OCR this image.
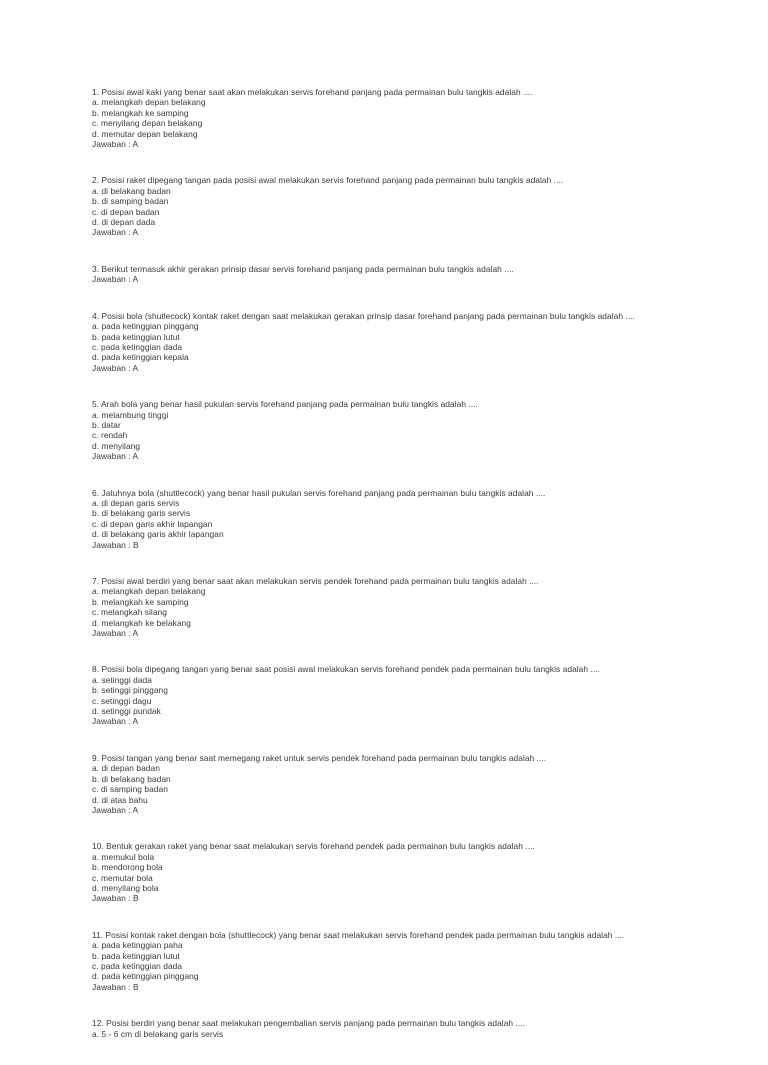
1. Posisi awal kaki yang benar saat akan melakukan servis forehand panjang pada permainan bulu tangkis adalah ....
a. melangkah depan belakang
b. melangkah ke samping
c. menyilang depan belakang
d. memutar depan belakang
Jawaban : A
2. Posisi raket dipegang tangan pada posisi awal melakukan servis forehand panjang pada permainan bulu tangkis adalah ....
a. di belakang badan
b. di samping badan
c. di depan badan
d. di depan dada
Jawaban : A
3. Berikut termasuk akhir gerakan prinsip dasar servis forehand panjang pada permainan bulu tangkis adalah ....
Jawaban : A
4. Posisi bola (shutlecock) kontak raket dengan saat melakukan gerakan prinsip dasar forehand panjang pada permainan bulu tangkis adalah ....
a. pada ketinggian pinggang
b. pada ketinggian lutut
c. pada ketinggian dada
d. pada ketinggian kepala
Jawaban : A
5. Arah bola yang benar hasil pukulan servis forehand panjang pada permainan bulu tangkis adalah ....
a. melambung tinggi
b. datar
c. rendah
d. menyilang
Jawaban : A
6. Jatuhnya bola (shuttlecock) yang benar hasil pukulan servis forehand panjang pada permainan bulu tangkis adalah ....
a. di depan garis servis
b. di belakang garis servis
c. di depan garis akhir lapangan
d. di belakang garis akhir lapangan
Jawaban : B
7. Posisi awal berdiri yang benar saat akan melakukan servis pendek forehand pada permainan bulu tangkis adalah ....
a. melangkah depan belakang
b. melangkah ke samping
c. melangkah silang
d. melangkah ke belakang
Jawaban : A
8. Posisi bola dipegang tangan yang benar saat posisi awal melakukan servis forehand pendek pada permainan bulu tangkis adalah ....
a. setinggi dada
b. setinggi pinggang
c. setinggi dagu
d. setinggi pundak
Jawaban : A
9. Posisi tangan yang benar saat memegang raket untuk servis pendek forehand pada permainan bulu tangkis adalah ....
a. di depan badan
b. di belakang badan
c. di samping badan
d. di atas bahu
Jawaban : A
10. Bentuk gerakan raket yang benar saat melakukan servis forehand pendek pada permainan bulu tangkis adalah ....
a. memukul bola
b. mendorong bola
c. memutar bola
d. menyilang bola
Jawaban : B
11. Posisi kontak raket dengan bola (shuttlecock) yang benar saat melakukan servis forehand pendek pada permainan bulu tangkis adalah ....
a. pada ketinggian paha
b. pada ketinggian lutut
c. pada ketinggian dada
d. pada ketinggian pinggang
Jawaban : B
12. Posisi berdiri yang benar saat melakukan pengembalian servis panjang pada permainan bulu tangkis adalah ....
a. 5 - 6 cm di belakang garis servis
